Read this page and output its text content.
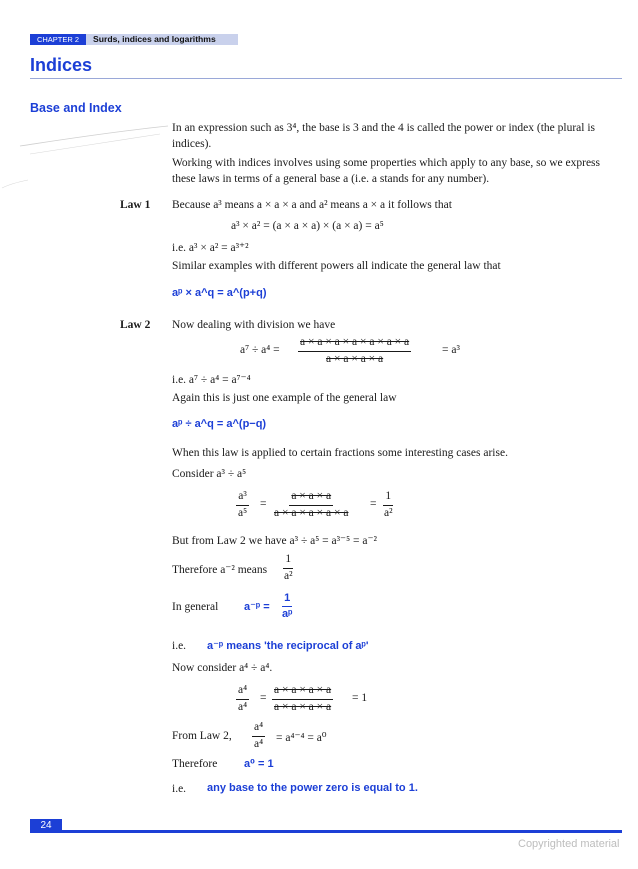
CHAPTER 2	Surds, indices and logarithms
Indices
Base and Index
In an expression such as 3⁴, the base is 3 and the 4 is called the power or index (the plural is indices).
Working with indices involves using some properties which apply to any base, so we express these laws in terms of a general base a (i.e. a stands for any number).
Law 1 Because a³ means a × a × a and a² means a × a it follows that
a³ × a² = (a × a × a) × (a × a) = a⁵
i.e. a³ × a² = a³⁺²
Similar examples with different powers all indicate the general law that
aᵖ × a^q = a^(p+q)
Law 2 Now dealing with division we have
$a^7 \div a^4 = \frac{a \times a \times a \times a \times a \times a \times a}{a \times a \times a \times a}$	= a³
i.e. a⁷ ÷ a⁴ = a⁷⁻⁴
Again this is just one example of the general law
aᵖ ÷ a^q = a^(p−q)
When this law is applied to certain fractions some interesting cases arise.
Consider a³ ÷ a⁵
$\frac{\text{a³}}{\text{a⁵}} = \frac{a \times a \times a}{a \times a \times a \times a \times a} = \frac{1}{\text{a²}}$
But from Law 2 we have a³ ÷ a⁵ = a³⁻⁵ = a⁻²
Therefore a⁻² means $\frac{1}{\text{a²}}$
In general a⁻ᵖ = $\frac{1}{\text{aᵖ}}$
i.e. a⁻ᵖ means 'the reciprocal of aᵖ'
Now consider a⁴ ÷ a⁴.
$\frac{\text{a⁴}}{\text{a⁴}} = \frac{a \times a \times a \times a}{a \times a \times a \times a} = 1$
From Law 2, $\frac{\text{a⁴}}{\text{a⁴}} = a^{4-4} = a^0$
Therefore a⁰ = 1
i.e. any base to the power zero is equal to 1.
24
Copyrighted material
